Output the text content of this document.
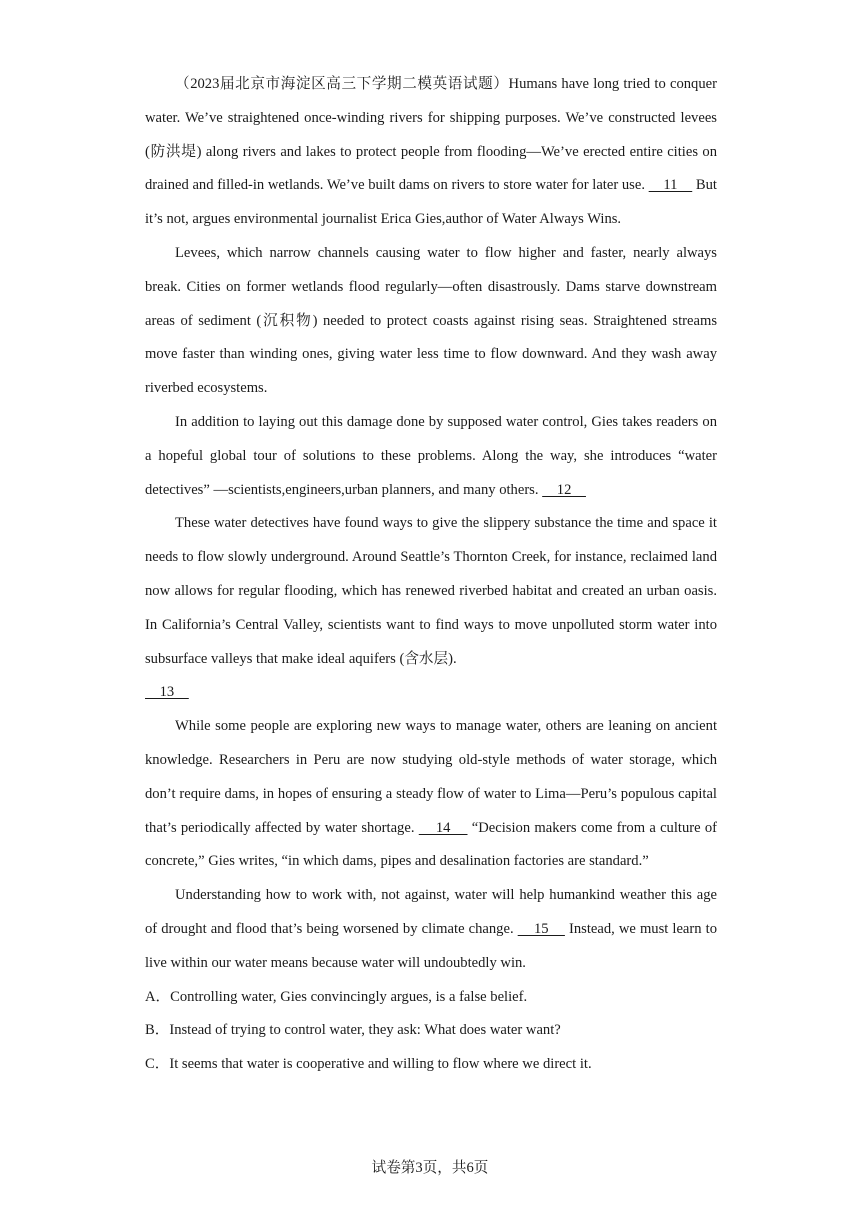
（2023届北京市海淀区高三下学期二模英语试题）Humans have long tried to conquer water. We’ve straightened once-winding rivers for shipping purposes. We’ve constructed levees (防洪堤) along rivers and lakes to protect people from flooding—We’ve erected entire cities on drained and filled-in wetlands. We’ve built dams on rivers to store water for later use.     11     But it’s not, argues environmental journalist Erica Gies,author of Water Always Wins.

Levees, which narrow channels causing water to flow higher and faster, nearly always break. Cities on former wetlands flood regularly—often disastrously. Dams starve downstream areas of sediment (沉积物) needed to protect coasts against rising seas. Straightened streams move faster than winding ones, giving water less time to flow downward. And they wash away riverbed ecosystems.

In addition to laying out this damage done by supposed water control, Gies takes readers on a hopeful global tour of solutions to these problems. Along the way, she introduces “water detectives” —scientists,engineers,urban planners, and many others.     12

These water detectives have found ways to give the slippery substance the time and space it needs to flow slowly underground. Around Seattle’s Thornton Creek, for instance, reclaimed land now allows for regular flooding, which has renewed riverbed habitat and created an urban oasis. In California’s Central Valley, scientists want to find ways to move unpolluted storm water into subsurface valleys that make ideal aquifers (含水层).
13

While some people are exploring new ways to manage water, others are leaning on ancient knowledge. Researchers in Peru are now studying old-style methods of water storage, which don’t require dams, in hopes of ensuring a steady flow of water to Lima—Peru’s populous capital that’s periodically affected by water shortage.     14     “Decision makers come from a culture of concrete,” Gies writes, “in which dams, pipes and desalination factories are standard.”

Understanding how to work with, not against, water will help humankind weather this age of drought and flood that’s being worsened by climate change.     15     Instead, we must learn to live within our water means because water will undoubtedly win.

A．Controlling water, Gies convincingly argues, is a false belief.

B．Instead of trying to control water, they ask: What does water want?

C．It seems that water is cooperative and willing to flow where we direct it.

试卷第3页，共6页
